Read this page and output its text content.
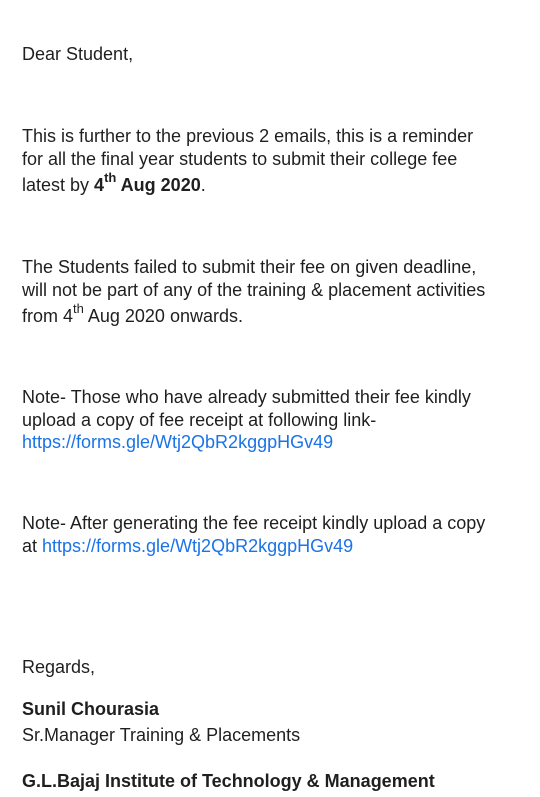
Dear Student,

This is further to the previous 2 emails, this is a reminder

for all the final year students to submit their college fee

latest by 4th Aug 2020.

The Students failed to submit their fee on given deadline,

will not be part of any of the training & placement activities

from 4th Aug 2020 onwards.

Note- Those who have already submitted their fee kindly

upload a copy of fee receipt at following link-

https://forms.gle/Wtj2QbR2kggpHGv49

Note- After generating the fee receipt kindly upload a copy

at https://forms.gle/Wtj2QbR2kggpHGv49

Regards,

Sunil Chourasia

Sr.Manager Training & Placements

G.L.Bajaj Institute of Technology & Management
